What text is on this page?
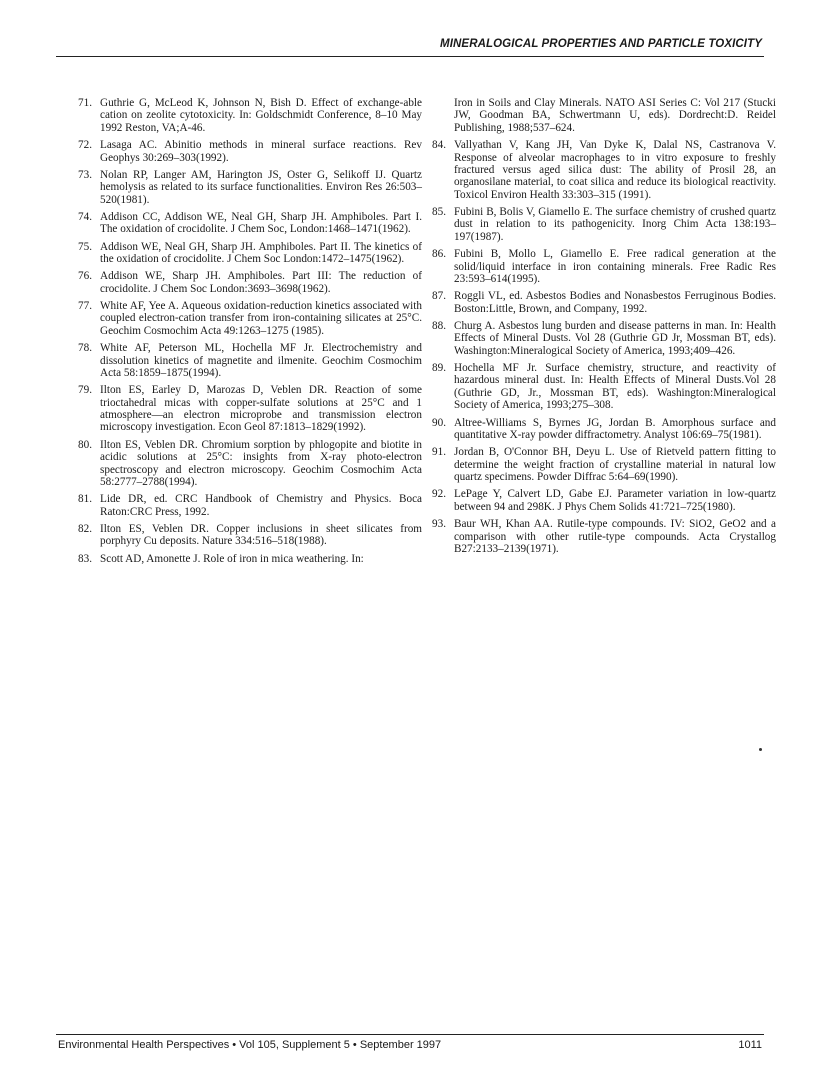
MINERALOGICAL PROPERTIES AND PARTICLE TOXICITY
71. Guthrie G, McLeod K, Johnson N, Bish D. Effect of exchange-able cation on zeolite cytotoxicity. In: Goldschmidt Conference, 8–10 May 1992 Reston, VA;A-46.
72. Lasaga AC. Abinitio methods in mineral surface reactions. Rev Geophys 30:269–303(1992).
73. Nolan RP, Langer AM, Harington JS, Oster G, Selikoff IJ. Quartz hemolysis as related to its surface functionalities. Environ Res 26:503–520(1981).
74. Addison CC, Addison WE, Neal GH, Sharp JH. Amphiboles. Part I. The oxidation of crocidolite. J Chem Soc, London:1468–1471(1962).
75. Addison WE, Neal GH, Sharp JH. Amphiboles. Part II. The kinetics of the oxidation of crocidolite. J Chem Soc London:1472–1475(1962).
76. Addison WE, Sharp JH. Amphiboles. Part III: The reduction of crocidolite. J Chem Soc London:3693–3698(1962).
77. White AF, Yee A. Aqueous oxidation-reduction kinetics associated with coupled electron-cation transfer from iron-containing silicates at 25°C. Geochim Cosmochim Acta 49:1263–1275 (1985).
78. White AF, Peterson ML, Hochella MF Jr. Electrochemistry and dissolution kinetics of magnetite and ilmenite. Geochim Cosmochim Acta 58:1859–1875(1994).
79. Ilton ES, Earley D, Marozas D, Veblen DR. Reaction of some trioctahedral micas with copper-sulfate solutions at 25°C and 1 atmosphere—an electron microprobe and transmission electron microscopy investigation. Econ Geol 87:1813–1829(1992).
80. Ilton ES, Veblen DR. Chromium sorption by phlogopite and biotite in acidic solutions at 25°C: insights from X-ray photo-electron spectroscopy and electron microscopy. Geochim Cosmochim Acta 58:2777–2788(1994).
81. Lide DR, ed. CRC Handbook of Chemistry and Physics. Boca Raton:CRC Press, 1992.
82. Ilton ES, Veblen DR. Copper inclusions in sheet silicates from porphyry Cu deposits. Nature 334:516–518(1988).
83. Scott AD, Amonette J. Role of iron in mica weathering. In:
Iron in Soils and Clay Minerals. NATO ASI Series C: Vol 217 (Stucki JW, Goodman BA, Schwertmann U, eds). Dordrecht:D. Reidel Publishing, 1988;537–624.
84. Vallyathan V, Kang JH, Van Dyke K, Dalal NS, Castranova V. Response of alveolar macrophages to in vitro exposure to freshly fractured versus aged silica dust: The ability of Prosil 28, an organosilane material, to coat silica and reduce its biological reactivity. Toxicol Environ Health 33:303–315 (1991).
85. Fubini B, Bolis V, Giamello E. The surface chemistry of crushed quartz dust in relation to its pathogenicity. Inorg Chim Acta 138:193–197(1987).
86. Fubini B, Mollo L, Giamello E. Free radical generation at the solid/liquid interface in iron containing minerals. Free Radic Res 23:593–614(1995).
87. Roggli VL, ed. Asbestos Bodies and Nonasbestos Ferruginous Bodies. Boston:Little, Brown, and Company, 1992.
88. Churg A. Asbestos lung burden and disease patterns in man. In: Health Effects of Mineral Dusts. Vol 28 (Guthrie GD Jr, Mossman BT, eds). Washington:Mineralogical Society of America, 1993;409–426.
89. Hochella MF Jr. Surface chemistry, structure, and reactivity of hazardous mineral dust. In: Health Effects of Mineral Dusts.Vol 28 (Guthrie GD, Jr., Mossman BT, eds). Washington:Mineralogical Society of America, 1993;275–308.
90. Altree-Williams S, Byrnes JG, Jordan B. Amorphous surface and quantitative X-ray powder diffractometry. Analyst 106:69–75(1981).
91. Jordan B, O'Connor BH, Deyu L. Use of Rietveld pattern fitting to determine the weight fraction of crystalline material in natural low quartz specimens. Powder Diffrac 5:64–69(1990).
92. LePage Y, Calvert LD, Gabe EJ. Parameter variation in low-quartz between 94 and 298K. J Phys Chem Solids 41:721–725(1980).
93. Baur WH, Khan AA. Rutile-type compounds. IV: SiO2, GeO2 and a comparison with other rutile-type compounds. Acta Crystallog B27:2133–2139(1971).
Environmental Health Perspectives • Vol 105, Supplement 5 • September 1997	1011
